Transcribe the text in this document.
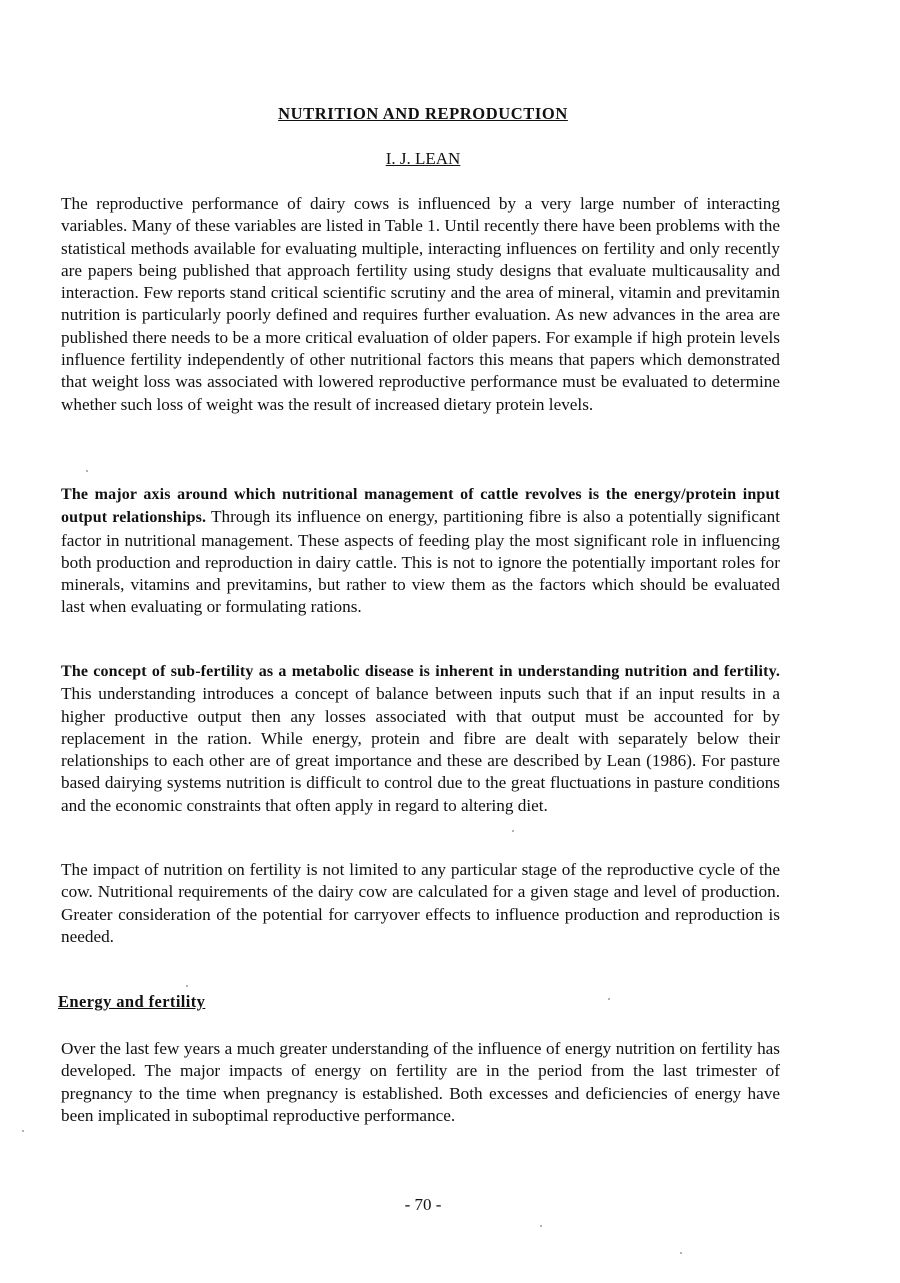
NUTRITION AND REPRODUCTION
I. J. LEAN

The reproductive performance of dairy cows is influenced by a very large number of interacting variables. Many of these variables are listed in Table 1. Until recently there have been problems with the statistical methods available for evaluating multiple, interacting influences on fertility and only recently are papers being published that approach fertility using study designs that evaluate multicausality and interaction. Few reports stand critical scientific scrutiny and the area of mineral, vitamin and previtamin nutrition is particularly poorly defined and requires further evaluation. As new advances in the area are published there needs to be a more critical evaluation of older papers. For example if high protein levels influence fertility independently of other nutritional factors this means that papers which demonstrated that weight loss was associated with lowered reproductive performance must be evaluated to determine whether such loss of weight was the result of increased dietary protein levels.

The major axis around which nutritional management of cattle revolves is the energy/protein input output relationships. Through its influence on energy, partitioning fibre is also a potentially significant factor in nutritional management. These aspects of feeding play the most significant role in influencing both production and reproduction in dairy cattle. This is not to ignore the potentially important roles for minerals, vitamins and previtamins, but rather to view them as the factors which should be evaluated last when evaluating or formulating rations.

The concept of sub-fertility as a metabolic disease is inherent in understanding nutrition and fertility. This understanding introduces a concept of balance between inputs such that if an input results in a higher productive output then any losses associated with that output must be accounted for by replacement in the ration. While energy, protein and fibre are dealt with separately below their relationships to each other are of great importance and these are described by Lean (1986). For pasture based dairying systems nutrition is difficult to control due to the great fluctuations in pasture conditions and the economic constraints that often apply in regard to altering diet.

The impact of nutrition on fertility is not limited to any particular stage of the reproductive cycle of the cow. Nutritional requirements of the dairy cow are calculated for a given stage and level of production. Greater consideration of the potential for carryover effects to influence production and reproduction is needed.

Energy and fertility

Over the last few years a much greater understanding of the influence of energy nutrition on fertility has developed. The major impacts of energy on fertility are in the period from the last trimester of pregnancy to the time when pregnancy is established. Both excesses and deficiencies of energy have been implicated in suboptimal reproductive performance.

- 70 -
